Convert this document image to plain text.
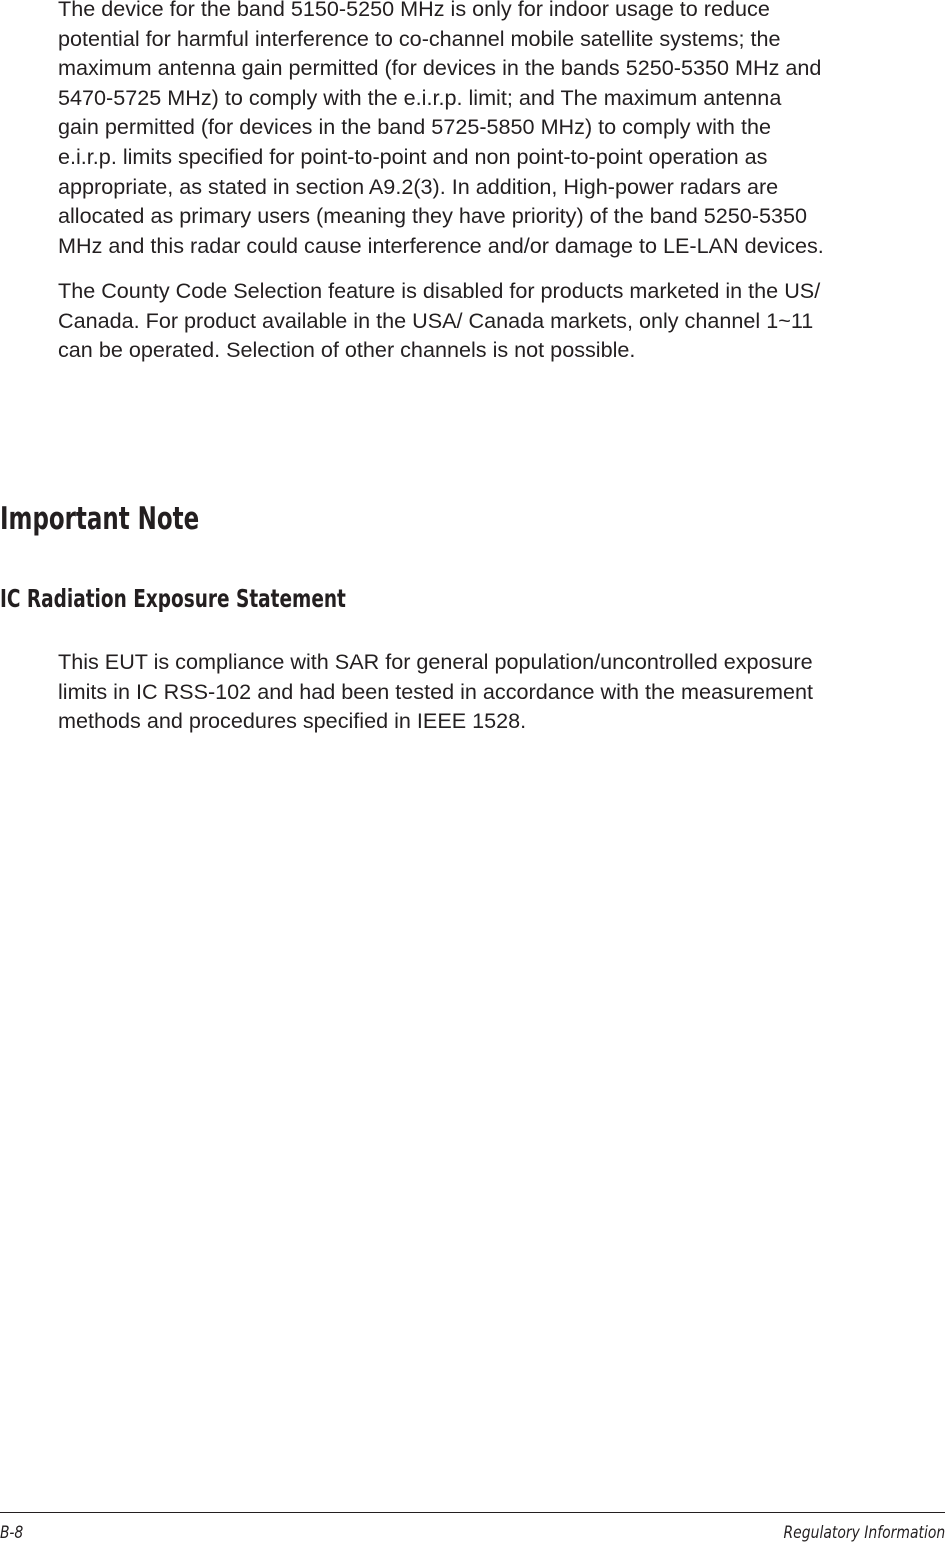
The device for the band 5150-5250 MHz is only for indoor usage to reduce
potential for harmful interference to co-channel mobile satellite systems; the
maximum antenna gain permitted (for devices in the bands 5250-5350 MHz and
5470-5725 MHz) to comply with the e.i.r.p. limit; and The maximum antenna
gain permitted (for devices in the band 5725-5850 MHz) to comply with the
e.i.r.p. limits specified for point-to-point and non point-to-point operation as
appropriate, as stated in section A9.2(3). In addition, High-power radars are
allocated as primary users (meaning they have priority) of the band 5250-5350
MHz and this radar could cause interference and/or damage to LE-LAN devices.

The County Code Selection feature is disabled for products marketed in the US/
Canada. For product available in the USA/ Canada markets, only channel 1~11
can be operated. Selection of other channels is not possible.

Important Note
IC Radiation Exposure Statement

This EUT is compliance with SAR for general population/uncontrolled exposure
limits in IC RSS-102 and had been tested in accordance with the measurement
methods and procedures specified in IEEE 1528.

B-8	Regulatory Information
